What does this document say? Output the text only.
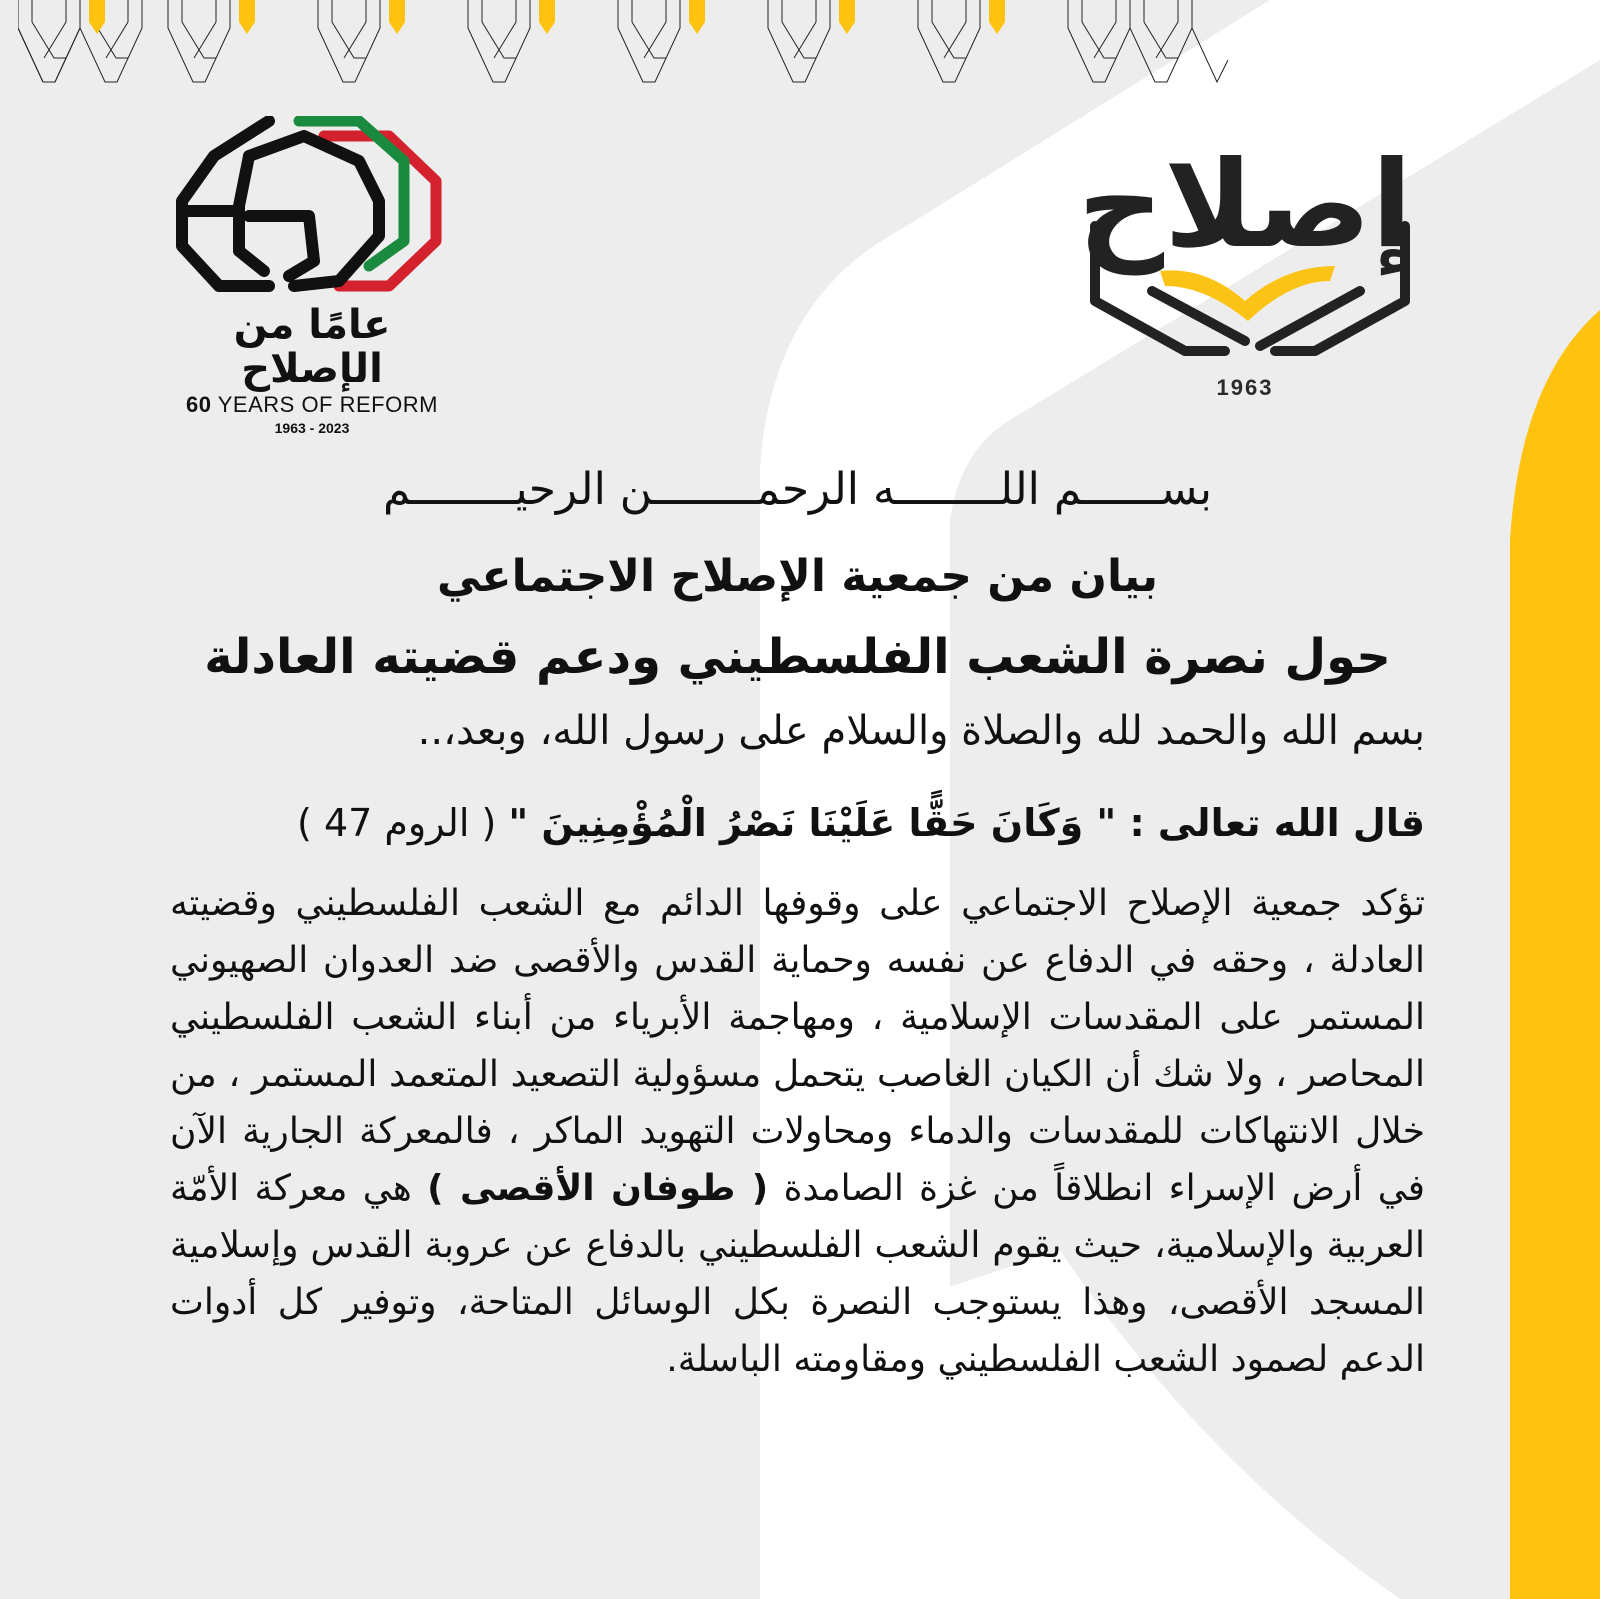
عامًا من الإصلاح
60 YEARS OF REFORM
1963 - 2023
إصلاح
1963

بســــــم اللــــــــه الرحمــــــــن الرحيــــــــم

بيان من جمعية الإصلاح الاجتماعي
حول نصرة الشعب الفلسطيني ودعم قضيته العادلة

بسم الله والحمد لله والصلاة والسلام على رسول الله، وبعد،..

قال الله تعالى : " وَكَانَ حَقًّا عَلَيْنَا نَصْرُ الْمُؤْمِنِينَ " ( الروم 47 )

تؤكد جمعية الإصلاح الاجتماعي على وقوفها الدائم مع الشعب الفلسطيني وقضيته العادلة ، وحقه في الدفاع عن نفسه وحماية القدس والأقصى ضد العدوان الصهيوني المستمر على المقدسات الإسلامية ، ومهاجمة الأبرياء من أبناء الشعب الفلسطيني المحاصر ، ولا شك أن الكيان الغاصب يتحمل مسؤولية التصعيد المتعمد المستمر ، من خلال الانتهاكات للمقدسات والدماء ومحاولات التهويد الماكر ، فالمعركة الجارية الآن في أرض الإسراء انطلاقاً من غزة الصامدة ( طوفان الأقصى ) هي معركة الأمّة العربية والإسلامية، حيث يقوم الشعب الفلسطيني بالدفاع عن عروبة القدس وإسلامية المسجد الأقصى، وهذا يستوجب النصرة بكل الوسائل المتاحة، وتوفير كل أدوات الدعم لصمود الشعب الفلسطيني ومقاومته الباسلة.
